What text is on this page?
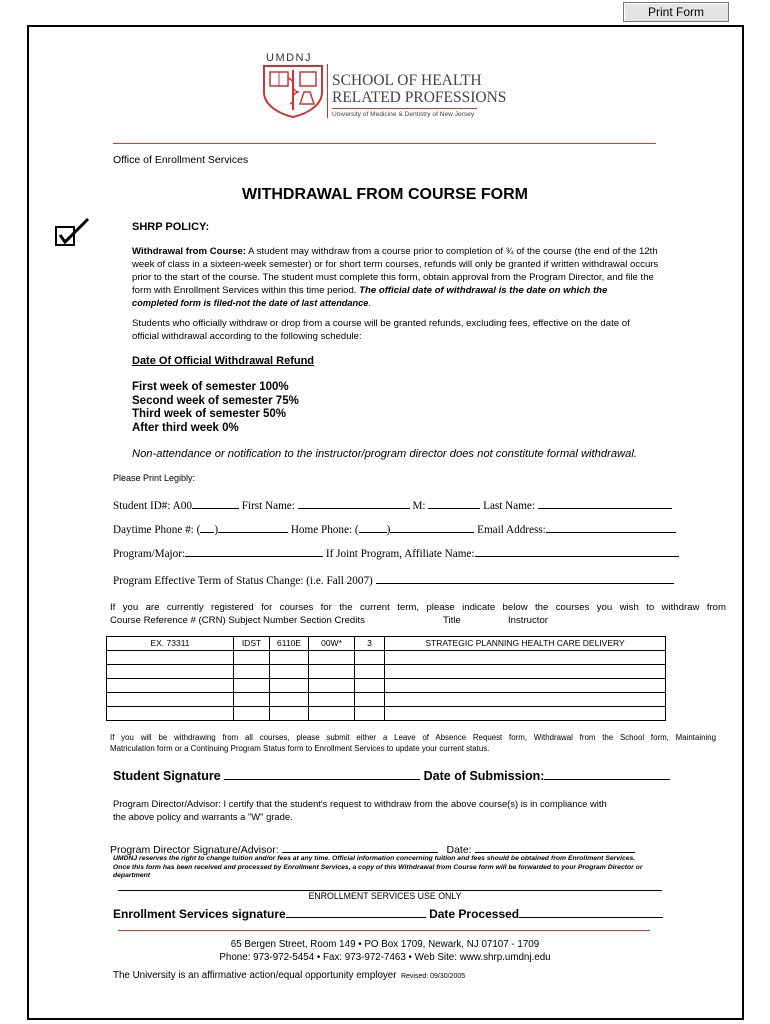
Print Form
UMDNJ
SCHOOL OF HEALTH
RELATED PROFESSIONS
University of Medicine & Dentistry of New Jersey
Office of Enrollment Services
WITHDRAWAL FROM COURSE FORM
SHRP POLICY:
Withdrawal from Course: A student may withdraw from a course prior to completion of ¾ of the course (the end of the 12th
week of class in a sixteen-week semester) or for short term courses, refunds will only be granted if written withdrawal occurs
prior to the start of the course. The student must complete this form, obtain approval from the Program Director, and file the
form with Enrollment Services within this time period. The official date of withdrawal is the date on which the
completed form is filed-not the date of last attendance.
Students who officially withdraw or drop from a course will be granted refunds, excluding fees, effective on the date of
official withdrawal according to the following schedule:
Date Of Official Withdrawal Refund
First week of semester 100%
Second week of semester 75%
Third week of semester 50%
After third week 0%
Non-attendance or notification to the instructor/program director does not constitute formal withdrawal.
Please Print Legibly:
Student ID#: A00	First Name:	M:	Last Name:
Daytime Phone #: ( )	Home Phone: (	)	Email Address:
Program/Major:	If Joint Program, Affiliate Name:
Program Effective Term of Status Change: (i.e. Fall 2007)
If you are currently registered for courses for the current term, please indicate below the courses you wish to withdraw from
Course Reference # (CRN) Subject Number Section Credits	Title	Instructor
EX. 73311	IDST	6110E	00W*	3	STRATEGIC PLANNING HEALTH CARE DELIVERY

If you will be withdrawing from all courses, please submit either a Leave of Absence Request form, Withdrawal from the School form, Maintaining
Matriculation form or a Continuing Program Status form to Enrollment Services to update your current status.
Student Signature	Date of Submission:
Program Director/Advisor: I certify that the student's request to withdraw from the above course(s) is in compliance with
the above policy and warrants a "W" grade.
Program Director Signature/Advisor:	Date:
UMDNJ reserves the right to change tuition and/or fees at any time. Official information concerning tuition and fees should be obtained from Enrollment Services.
Once this form has been received and processed by Enrollment Services, a copy of this Withdrawal from Course form will be forwarded to your Program Director or
department
ENROLLMENT SERVICES USE ONLY
Enrollment Services signature	Date Processed
65 Bergen Street, Room 149 • PO Box 1709, Newark, NJ 07107 - 1709
Phone: 973-972-5454 • Fax: 973-972-7463 • Web Site: www.shrp.umdnj.edu
The University is an affirmative action/equal opportunity employer Revised: 09/30/2005
